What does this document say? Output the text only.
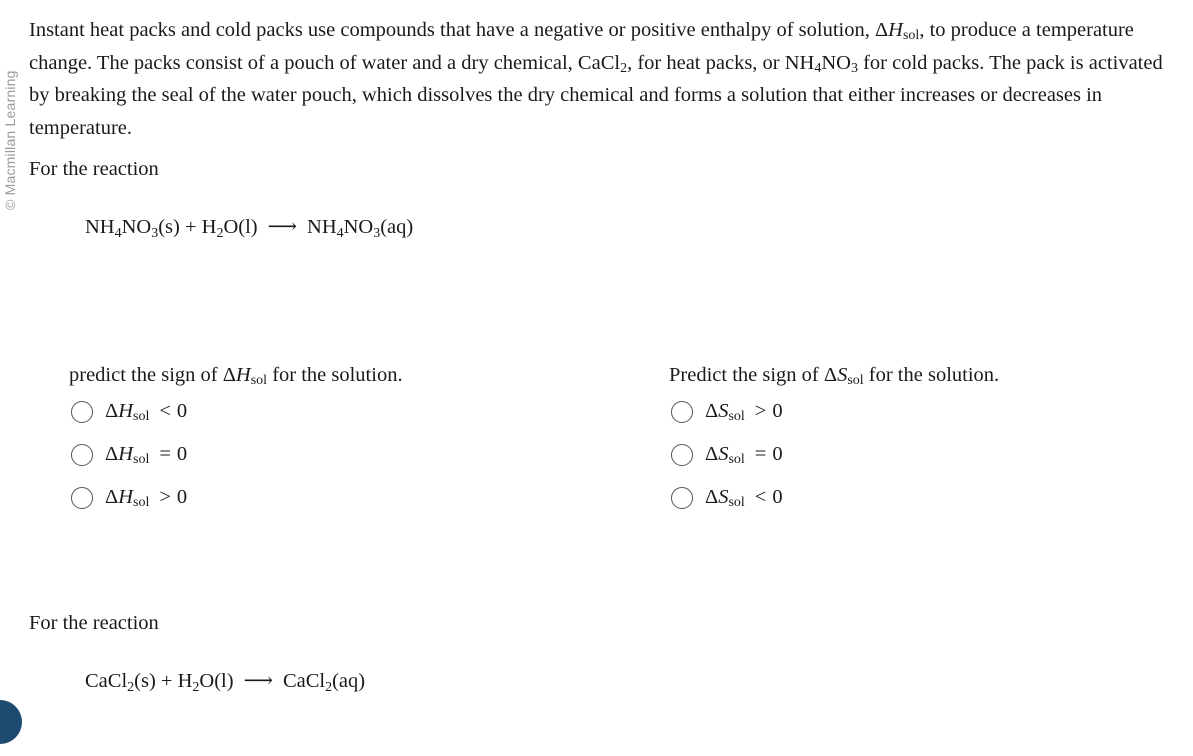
© Macmillan Learning
Instant heat packs and cold packs use compounds that have a negative or positive enthalpy of solution, $\Delta H_{sol}$, to produce a temperature change. The packs consist of a pouch of water and a dry chemical, CaCl$_2$, for heat packs, or $NH_4NO_3$ for cold packs. The pack is activated by breaking the seal of the water pouch, which dissolves the dry chemical and forms a solution that either increases or decreases in temperature.
For the reaction
$NH_4NO_3(s) + H_2O(l)$ ⟶ $NH_4NO_3(aq)$
predict the sign of $\Delta H_{sol}$ for the solution.
$\Delta H_{sol} < 0$
$\Delta H_{sol} = 0$
$\Delta H_{sol} > 0$
Predict the sign of $\Delta S_{sol}$ for the solution.
$\Delta S_{sol} > 0$
$\Delta S_{sol} = 0$
$\Delta S_{sol} < 0$
For the reaction
CaCl$_2$(s) + $H_2O(l)$ ⟶ CaCl$_2$(aq)
